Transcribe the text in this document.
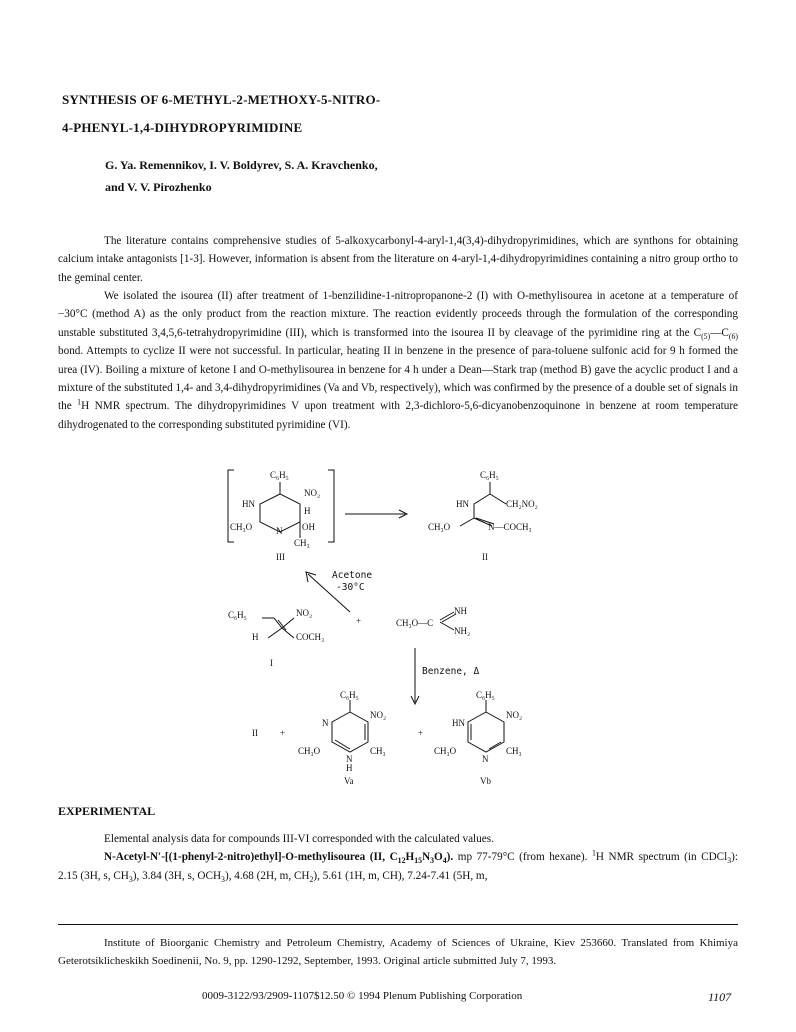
SYNTHESIS OF 6-METHYL-2-METHOXY-5-NITRO-
4-PHENYL-1,4-DIHYDROPYRIMIDINE
G. Ya. Remennikov, I. V. Boldyrev, S. A. Kravchenko,
and V. V. Pirozhenko

The literature contains comprehensive studies of 5-alkoxycarbonyl-4-aryl-1,4(3,4)-dihydropyrimidines, which are synthons for obtaining calcium intake antagonists [1-3]. However, information is absent from the literature on 4-aryl-1,4-dihydropyrimidines containing a nitro group ortho to the geminal center.

We isolated the isourea (II) after treatment of 1-benzilidine-1-nitropropanone-2 (I) with O-methylisourea in acetone at a temperature of −30°C (method A) as the only product from the reaction mixture. The reaction evidently proceeds through the formulation of the corresponding unstable substituted 3,4,5,6-tetrahydropyrimidine (III), which is transformed into the isourea II by cleavage of the pyrimidine ring at the $C_{(5)}—C_{(6)}$ bond. Attempts to cyclize II were not successful. In particular, heating II in benzene in the presence of para-toluene sulfonic acid for 9 h formed the urea (IV). Boiling a mixture of ketone I and O-methylisourea in benzene for 4 h under a Dean—Stark trap (method B) gave the acyclic product I and a mixture of the substituted 1,4- and 3,4-dihydropyrimidines (Va and Vb, respectively), which was confirmed by the presence of a double set of signals in the $^1$H NMR spectrum. The dihydropyrimidines V upon treatment with 2,3-dichloro-5,6-dicyanobenzoquinone in benzene at room temperature dihydrogenated to the corresponding substituted pyrimidine (VI).

C₆H₅
NO₂
HN
H
CH₃O	N OH
CH₃
III
C₆H₅
HN	CH₂NO₂
CH₃O	N—COCH₃
II
Acetone
-30°C
C₆H₅	NO₂
H	COCH₃
I
+	CH₃O—C
NH
NH₂
Benzene, Δ
II +
C₆H₅
NO₂
N
CH₃O
N
H
CH₃
Va
+
C₆H₅
NO₂
HN
CH₃O
N
CH₃
Vb
EXPERIMENTAL

Elemental analysis data for compounds III-VI corresponded with the calculated values.

N-Acetyl-N′-[(1-phenyl-2-nitro)ethyl]-O-methylisourea (II, $C_{12}H_{15}N_3O_4$). mp 77-79°C (from hexane). $^1$H NMR spectrum (in CDCl$_3$): 2.15 (3H, s, $CH_3$), 3.84 (3H, s, $OCH_3$), 4.68 (2H, m, $CH_2$), 5.61 (1H, m, CH), 7.24-7.41 (5H, m,

Institute of Bioorganic Chemistry and Petroleum Chemistry, Academy of Sciences of Ukraine, Kiev 253660. Translated from Khimiya Geterotsiklicheskikh Soedinenii, No. 9, pp. 1290-1292, September, 1993. Original article submitted July 7, 1993.

0009-3122/93/2909-1107$12.50 © 1994 Plenum Publishing Corporation	1107
